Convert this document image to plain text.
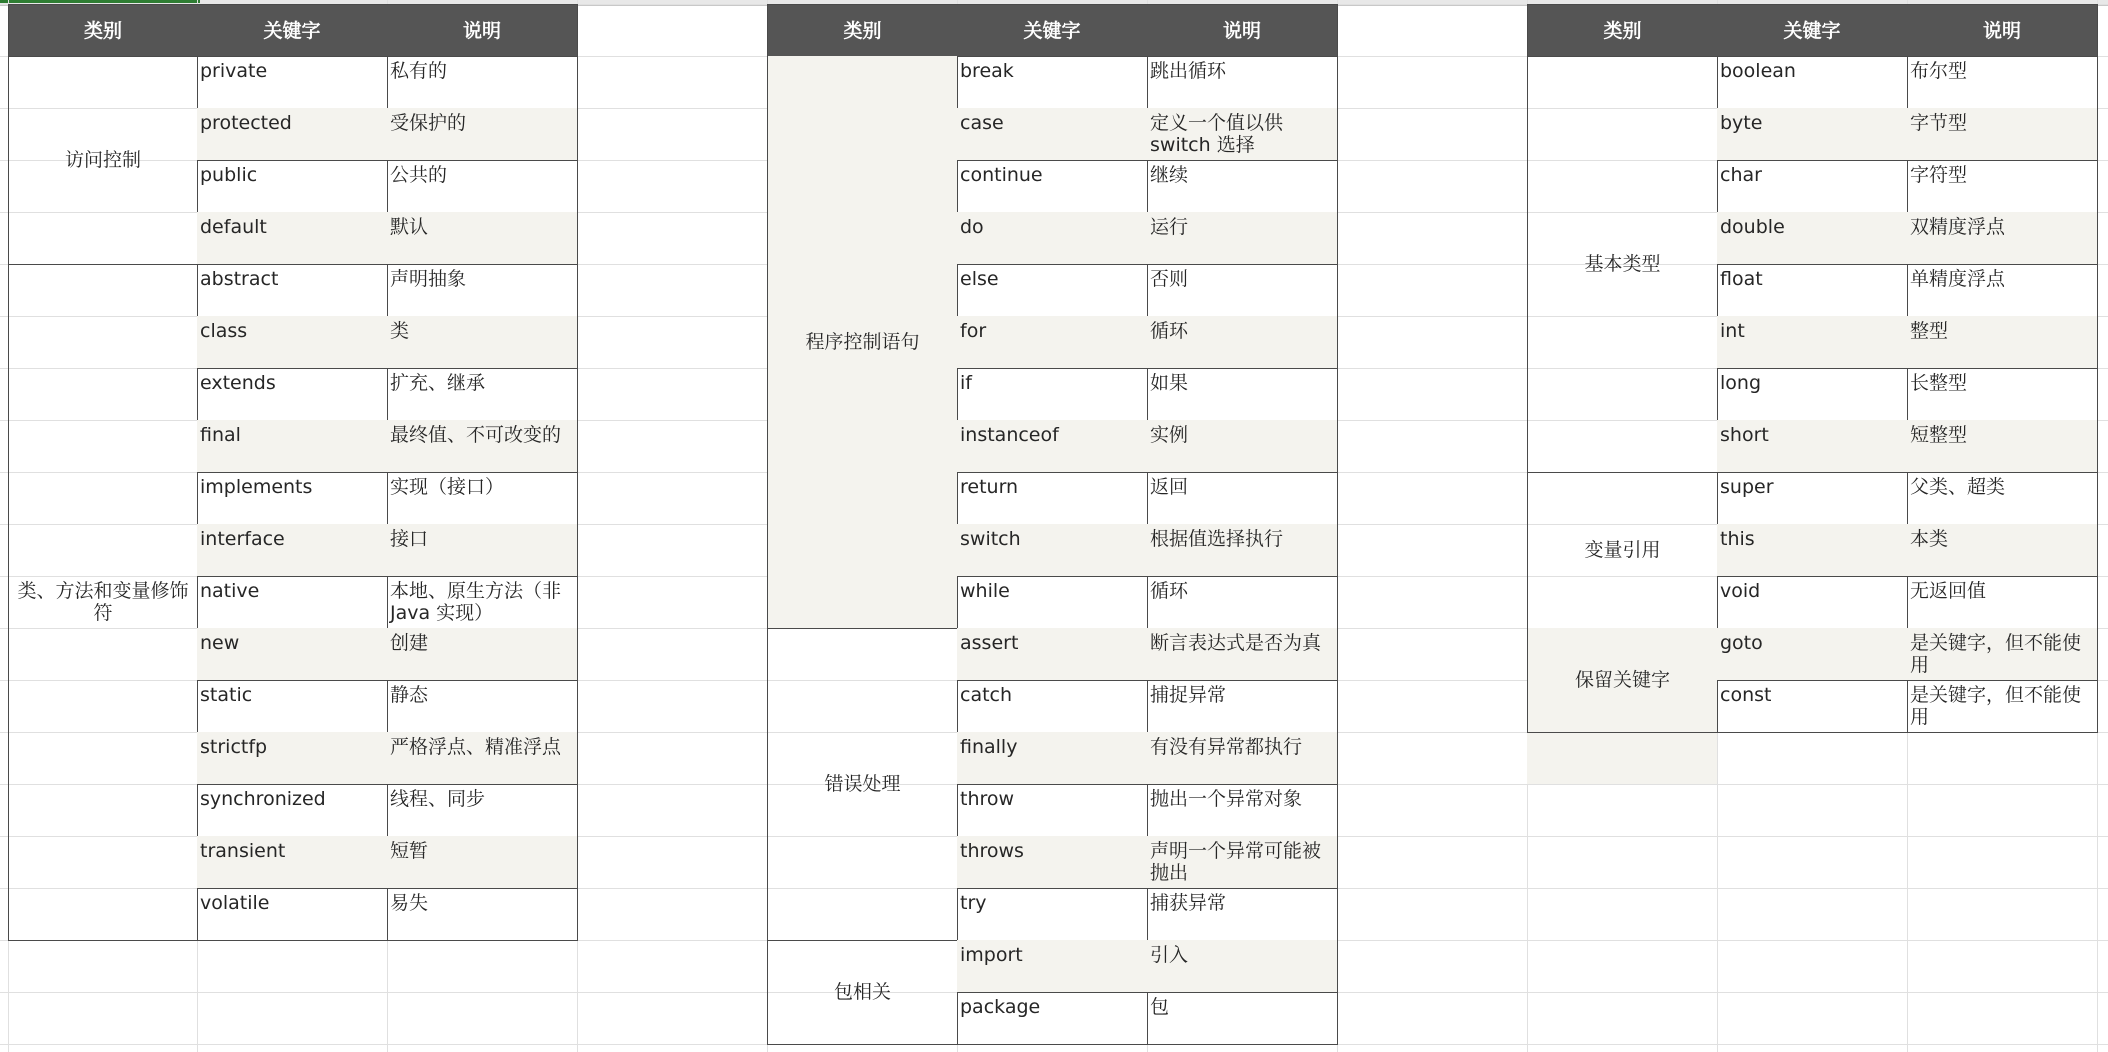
类别	关键字	说明
访问控制
private	私有的
protected	受保护的
public	公共的
default	默认
类、方法和变量修饰符
abstract	声明抽象
class	类
extends	扩充、继承
final	最终值、不可改变的
implements	实现（接口）
interface	接口
native	本地、原生方法（非 Java 实现）
new	创建
static	静态
strictfp	严格浮点、精准浮点
synchronized	线程、同步
transient	短暂
volatile	易失
类别	关键字	说明
程序控制语句
break	跳出循环
case	定义一个值以供 switch 选择
continue	继续
do	运行
else	否则
for	循环
if	如果
instanceof	实例
return	返回
switch	根据值选择执行
while	循环
错误处理
assert	断言表达式是否为真
catch	捕捉异常
finally	有没有异常都执行
throw	抛出一个异常对象
throws	声明一个异常可能被抛出
try	捕获异常
包相关
import	引入
package	包
类别	关键字	说明
基本类型
boolean	布尔型
byte	字节型
char	字符型
double	双精度浮点
float	单精度浮点
int	整型
long	长整型
short	短整型
变量引用
super	父类、超类
this	本类
void	无返回值
保留关键字
goto	是关键字，但不能使用
const	是关键字，但不能使用
